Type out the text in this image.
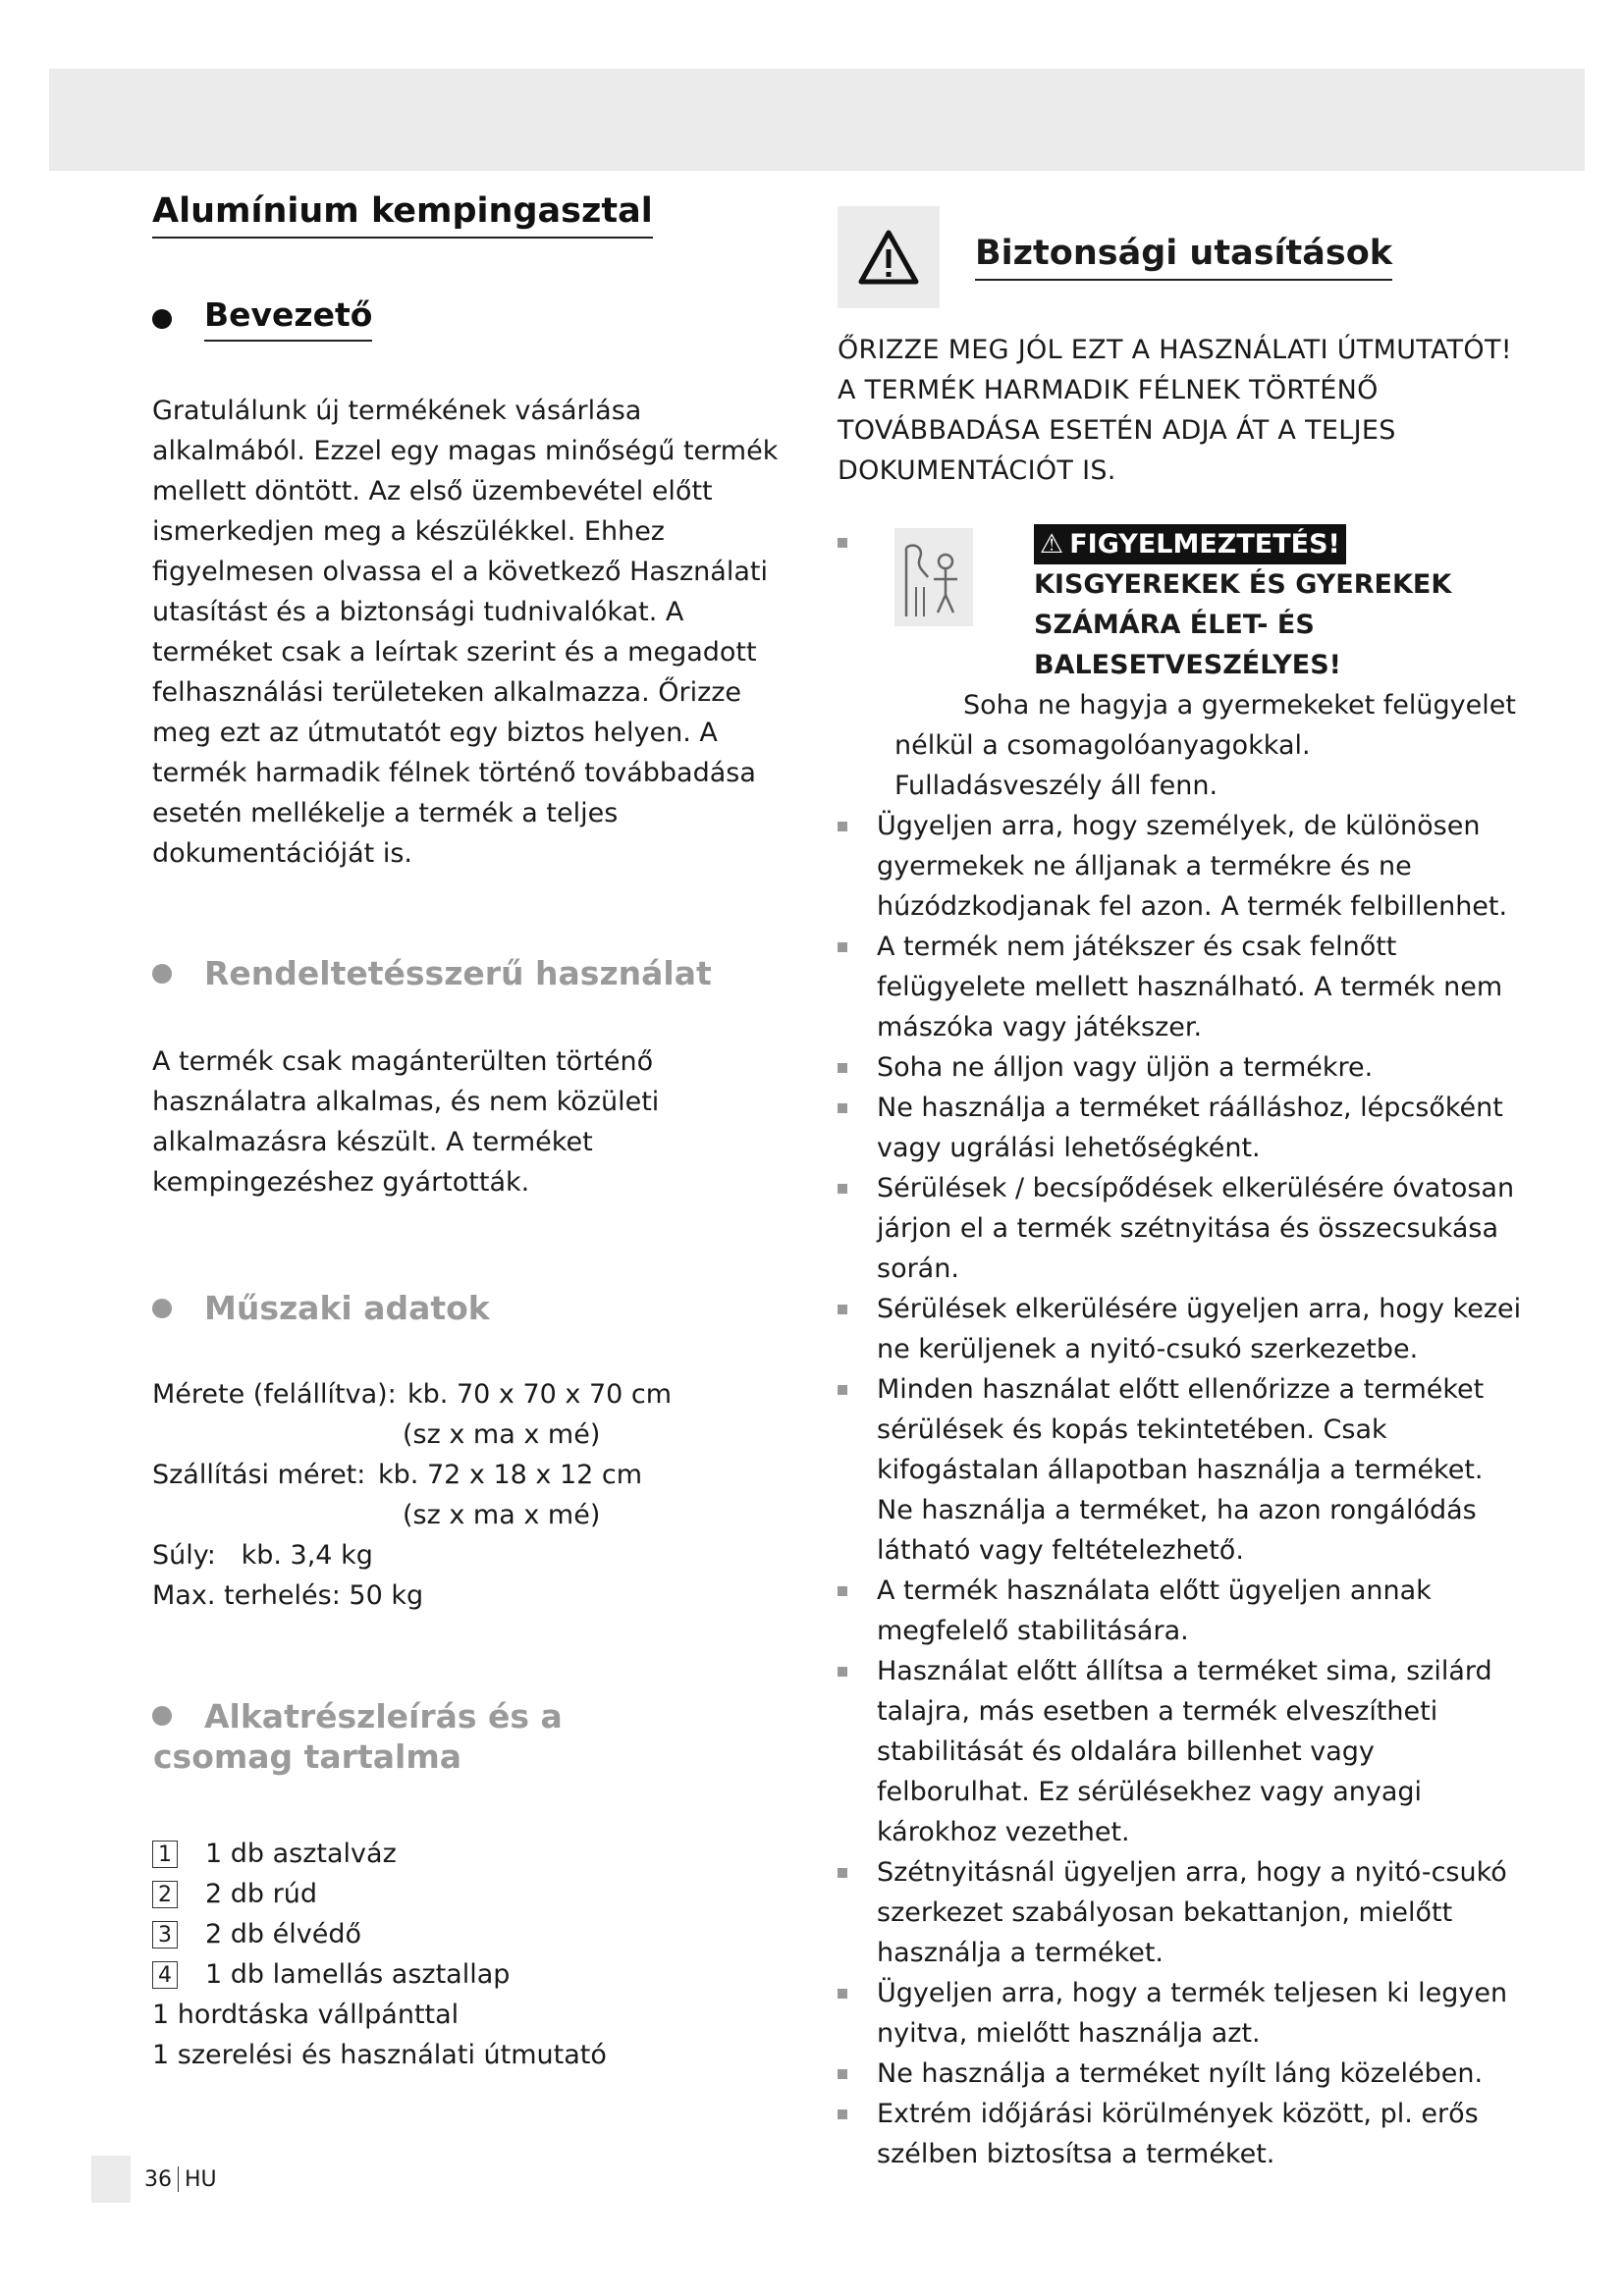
Alumínium kempingasztal
Bevezető

Gratulálunk új termékének vásárlása alkalmából. Ezzel egy magas minőségű termék mellett döntött. Az első üzembevétel előtt ismerkedjen meg a készülékkel. Ehhez figyelmesen olvassa el a következő Használati utasítást és a biztonsági tudnivalókat. A terméket csak a leírtak szerint és a megadott felhasználási területeken alkalmazza. Őrizze meg ezt az útmutatót egy biztos helyen. A termék harmadik félnek történő továbbadása esetén mellékelje a termék a teljes dokumentációját is.

Rendeltetésszerű használat

A termék csak magánterülten történő használatra alkalmas, és nem közületi alkalmazásra készült. A terméket kempingezéshez gyártották.

Műszaki adatok
Mérete (felállítva): kb. 70 x 70 x 70 cm
(sz x ma x mé)
Szállítási méret: kb. 72 x 18 x 12 cm
(sz x ma x mé)
Súly:   kb. 3,4 kg
Max. terhelés: 50 kg
Alkatrészleírás és a
csomag tartalma
1 1 db asztalváz
2 2 db rúd
3 2 db élvédő
4 1 db lamellás asztallap
1 hordtáska vállpánttal
1 szerelési és használati útmutató
Biztonsági utasítások

ŐRIZZE MEG JÓL EZT A HASZNÁLATI ÚTMUTATÓT! A TERMÉK HARMADIK FÉLNEK TÖRTÉNŐ TOVÁBBADÁSA ESETÉN ADJA ÁT A TELJES DOKUMENTÁCIÓT IS.

⚠ FIGYELMEZTETÉS!KISGYEREKEK ÉS GYEREKEK SZÁMÁRA ÉLET- ÉS BALESETVESZÉLYES!
Soha ne hagyja a gyermekeket felügyelet nélkül a csomagolóanyagokkal. Fulladásveszély áll fenn.
Ügyeljen arra, hogy személyek, de különösen gyermekek ne álljanak a termékre és ne húzódzkodjanak fel azon. A termék felbillenhet.
A termék nem játékszer és csak felnőtt felügyelete mellett használható. A termék nem mászóka vagy játékszer.
Soha ne álljon vagy üljön a termékre.
Ne használja a terméket ráálláshoz, lépcsőként vagy ugrálási lehetőségként.
Sérülések / becsípődések elkerülésére óvatosan járjon el a termék szétnyitása és összecsukása során.
Sérülések elkerülésére ügyeljen arra, hogy kezei ne kerüljenek a nyitó-csukó szerkezetbe.
Minden használat előtt ellenőrizze a terméket sérülések és kopás tekintetében. Csak kifogástalan állapotban használja a terméket. Ne használja a terméket, ha azon rongálódás látható vagy feltételezhető.
A termék használata előtt ügyeljen annak megfelelő stabilitására.
Használat előtt állítsa a terméket sima, szilárd talajra, más esetben a termék elveszítheti stabilitását és oldalára billenhet vagy felborulhat. Ez sérülésekhez vagy anyagi károkhoz vezethet.
Szétnyitásnál ügyeljen arra, hogy a nyitó-csukó szerkezet szabályosan bekattanjon, mielőtt használja a terméket.
Ügyeljen arra, hogy a termék teljesen ki legyen nyitva, mielőtt használja azt.
Ne használja a terméket nyílt láng közelében.
Extrém időjárási körülmények között, pl. erős szélben biztosítsa a terméket.
36 HU
